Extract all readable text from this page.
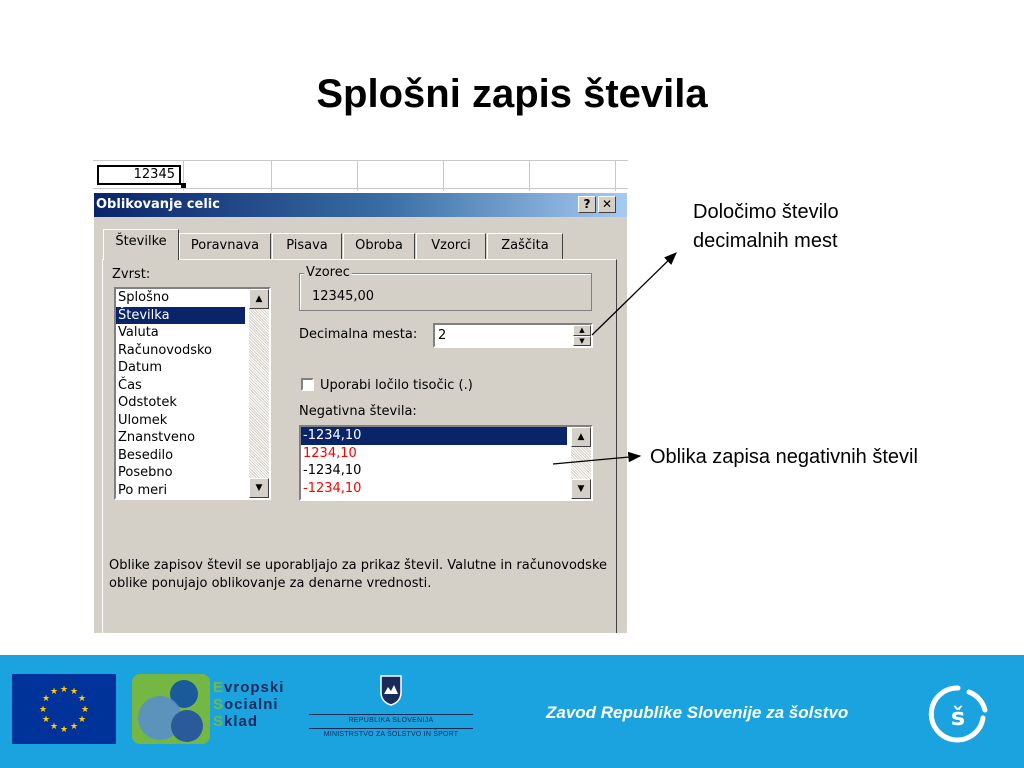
Splošni zapis števila
12345
Oblikovanje celic	? ✕
Številke	Poravnava	Pisava	Obroba	Vzorci	Zaščita
Zvrst:
Splošno
Številka
Valuta
Računovodsko
Datum
Čas
Odstotek
Ulomek
Znanstveno
Besedilo
Posebno
Po meri
▲
▼
Vzorec
12345,00
Decimalna mesta:	2	▲
▼
Uporabi ločilo tisočic (.)
Negativna števila:
-1234,10
1234,10
-1234,10
-1234,10
▲
▼
Oblike zapisov števil se uporabljajo za prikaz števil. Valutne in računovodske
oblike ponujajo oblikovanje za denarne vrednosti.
Določimo število
decimalnih mest
Oblika zapisa negativnih števil
★ ★
★
★
★
★
★
★
★
★
★
★	Evropski
Socialni
Sklad	REPUBLIKA SLOVENIJA
MINISTRSTVO ZA ŠOLSTVO IN ŠPORT
Zavod Republike Slovenije za šolstvo	š
